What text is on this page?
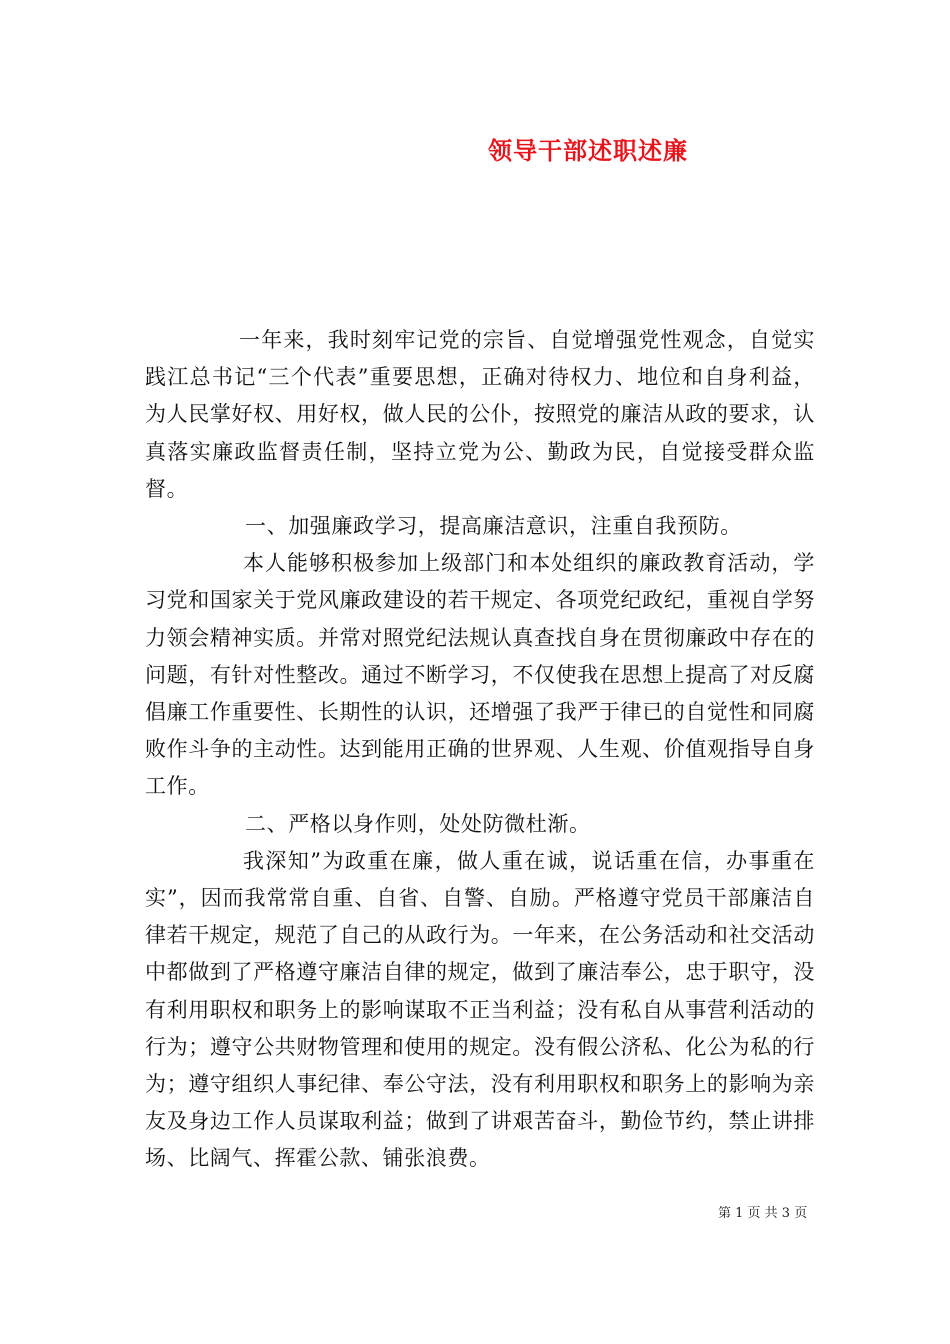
领导干部述职述廉

一年来，我时刻牢记党的宗旨、自觉增强党性观念，自觉实践江总书记“三个代表”重要思想，正确对待权力、地位和自身利益，为人民掌好权、用好权，做人民的公仆，按照党的廉洁从政的要求，认真落实廉政监督责任制，坚持立党为公、勤政为民，自觉接受群众监督。

一、加强廉政学习，提高廉洁意识，注重自我预防。

本人能够积极参加上级部门和本处组织的廉政教育活动，学习党和国家关于党风廉政建设的若干规定、各项党纪政纪，重视自学努力领会精神实质。并常对照党纪法规认真查找自身在贯彻廉政中存在的问题，有针对性整改。通过不断学习，不仅使我在思想上提高了对反腐倡廉工作重要性、长期性的认识，还增强了我严于律已的自觉性和同腐败作斗争的主动性。达到能用正确的世界观、人生观、价值观指导自身工作。

二、严格以身作则，处处防微杜渐。

我深知”为政重在廉，做人重在诚，说话重在信，办事重在实”，因而我常常自重、自省、自警、自励。严格遵守党员干部廉洁自律若干规定，规范了自己的从政行为。一年来，在公务活动和社交活动中都做到了严格遵守廉洁自律的规定，做到了廉洁奉公，忠于职守，没有利用职权和职务上的影响谋取不正当利益；没有私自从事营利活动的行为；遵守公共财物管理和使用的规定。没有假公济私、化公为私的行为；遵守组织人事纪律、奉公守法，没有利用职权和职务上的影响为亲友及身边工作人员谋取利益；做到了讲艰苦奋斗，勤俭节约，禁止讲排场、比阔气、挥霍公款、铺张浪费。

第 1 页 共 3 页
